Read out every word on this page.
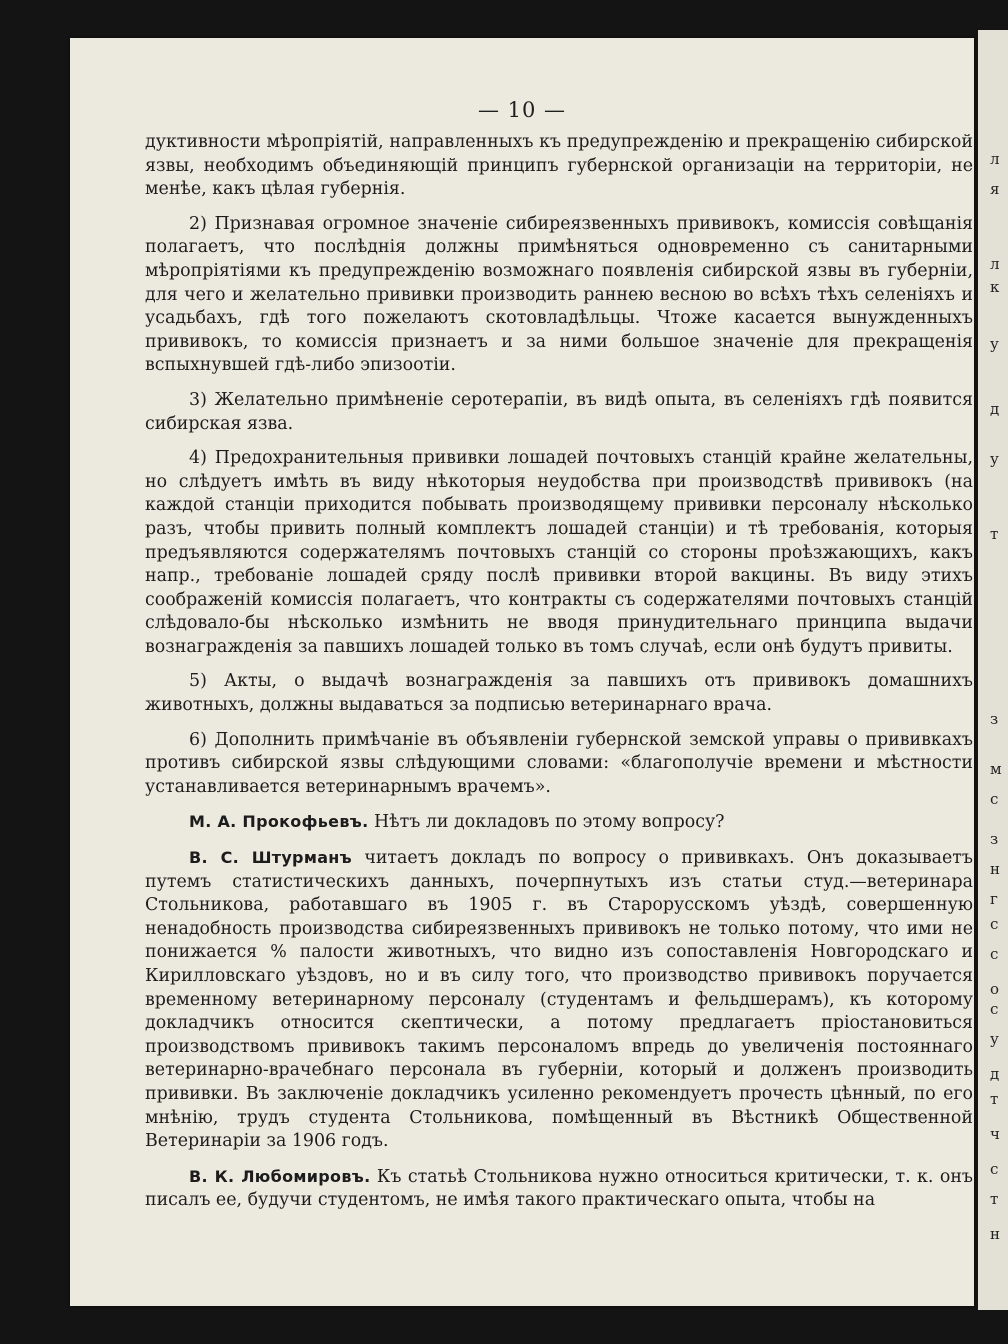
— 10 —

дуктивности мѣропріятій, направленныхъ къ предупрежденію и прекращенію сибирской язвы, необходимъ объединяющій принципъ губернской организаціи на территоріи, не менѣе, какъ цѣлая губернія.

2) Признавая огромное значеніе сибиреязвенныхъ прививокъ, комиссія совѣщанія полагаетъ, что послѣднія должны примѣняться одновременно съ санитарными мѣропріятіями къ предупрежденію возможнаго появленія сибирской язвы въ губерніи, для чего и желательно прививки производить раннею весною во всѣхъ тѣхъ селеніяхъ и усадьбахъ, гдѣ того пожелаютъ скотовладѣльцы. Чтоже касается вынужденныхъ прививокъ, то комиссія признаетъ и за ними большое значеніе для прекращенія вспыхнувшей гдѣ-либо эпизоотіи.

3) Желательно примѣненіе серотерапіи, въ видѣ опыта, въ селеніяхъ гдѣ появится сибирская язва.

4) Предохранительныя прививки лошадей почтовыхъ станцій крайне желательны, но слѣдуетъ имѣть въ виду нѣкоторыя неудобства при производствѣ прививокъ (на каждой станціи приходится побывать производящему прививки персоналу нѣсколько разъ, чтобы привить полный комплектъ лошадей станціи) и тѣ требованія, которыя предъявляются содержателямъ почтовыхъ станцій со стороны проѣзжающихъ, какъ напр., требованіе лошадей сряду послѣ прививки второй вакцины. Въ виду этихъ соображеній комиссія полагаетъ, что контракты съ содержателями почтовыхъ станцій слѣдовало-бы нѣсколько измѣнить не вводя принудительнаго принципа выдачи вознагражденія за павшихъ лошадей только въ томъ случаѣ, если онѣ будутъ привиты.

5) Акты, о выдачѣ вознагражденія за павшихъ отъ прививокъ домашнихъ животныхъ, должны выдаваться за подписью ветеринарнаго врача.

6) Дополнить примѣчаніе въ объявленіи губернской земской управы о прививкахъ противъ сибирской язвы слѣдующими словами: «благополучіе времени и мѣстности устанавливается ветеринарнымъ врачемъ».

М. А. Прокофьевъ. Нѣтъ ли докладовъ по этому вопросу?

В. С. Штурманъ читаетъ докладъ по вопросу о прививкахъ. Онъ доказываетъ путемъ статистическихъ данныхъ, почерпнутыхъ изъ статьи студ.—ветеринара Стольникова, работавшаго въ 1905 г. въ Старорусскомъ уѣздѣ, совершенную ненадобность производства сибиреязвенныхъ прививокъ не только потому, что ими не понижается % палости животныхъ, что видно изъ сопоставленія Новгородскаго и Кирилловскаго уѣздовъ, но и въ силу того, что производство прививокъ поручается временному ветеринарному персоналу (студентамъ и фельдшерамъ), къ которому докладчикъ относится скептически, а потому предлагаетъ пріостановиться производствомъ прививокъ такимъ персоналомъ впредь до увеличенія постояннаго ветеринарно-врачебнаго персонала въ губерніи, который и долженъ производить прививки. Въ заключеніе докладчикъ усиленно рекомендуетъ прочесть цѣнный, по его мнѣнію, трудъ студента Стольникова, помѣщенный въ Вѣстникѣ Общественной Ветеринаріи за 1906 годъ.

В. К. Любомировъ. Къ статьѣ Стольникова нужно относиться критически, т. к. онъ писалъ ее, будучи студентомъ, не имѣя такого практическаго опыта, чтобы на

л
я
л
к
у
д
у
т
з
м
с
з
н
г
с
с
о
с
у
д
т
ч
с
т
н
